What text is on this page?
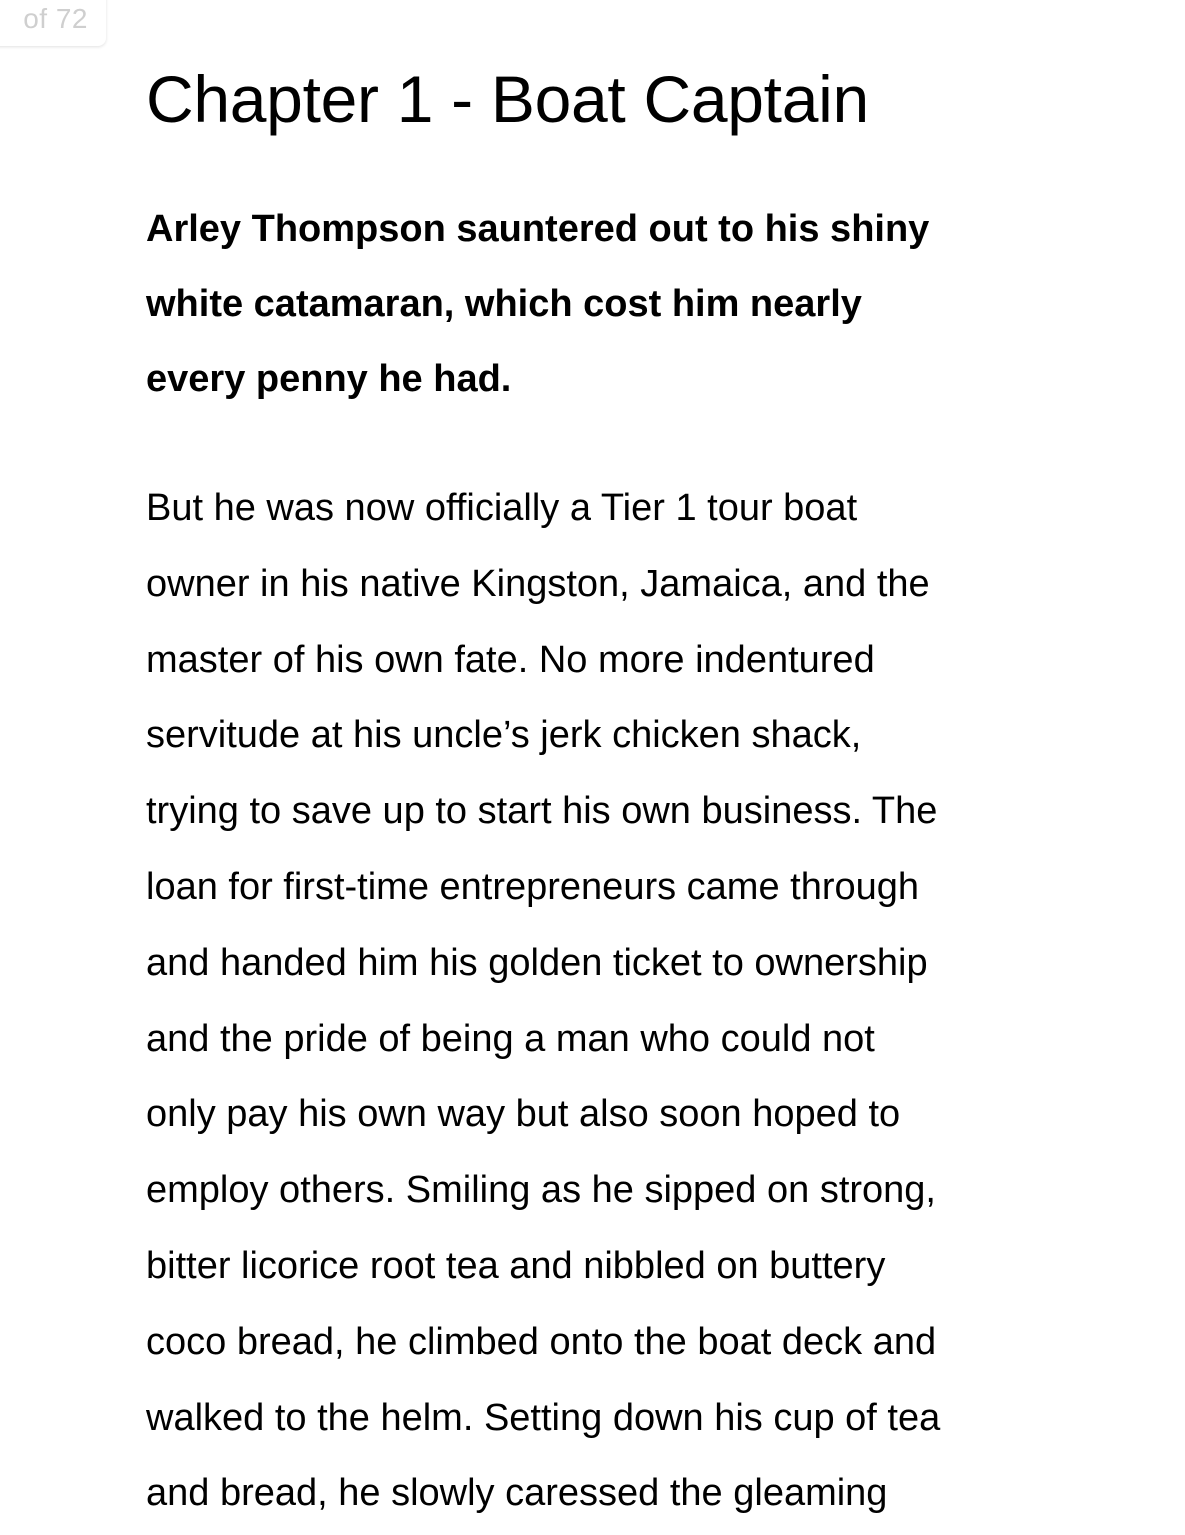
of 72
Chapter 1 - Boat Captain

Arley Thompson sauntered out to his shiny
white catamaran, which cost him nearly
every penny he had.

But he was now officially a Tier 1 tour boat
owner in his native Kingston, Jamaica, and the
master of his own fate. No more indentured
servitude at his uncle’s jerk chicken shack,
trying to save up to start his own business. The
loan for first-time entrepreneurs came through
and handed him his golden ticket to ownership
and the pride of being a man who could not
only pay his own way but also soon hoped to
employ others. Smiling as he sipped on strong,
bitter licorice root tea and nibbled on buttery
coco bread, he climbed onto the boat deck and
walked to the helm. Setting down his cup of tea
and bread, he slowly caressed the gleaming
